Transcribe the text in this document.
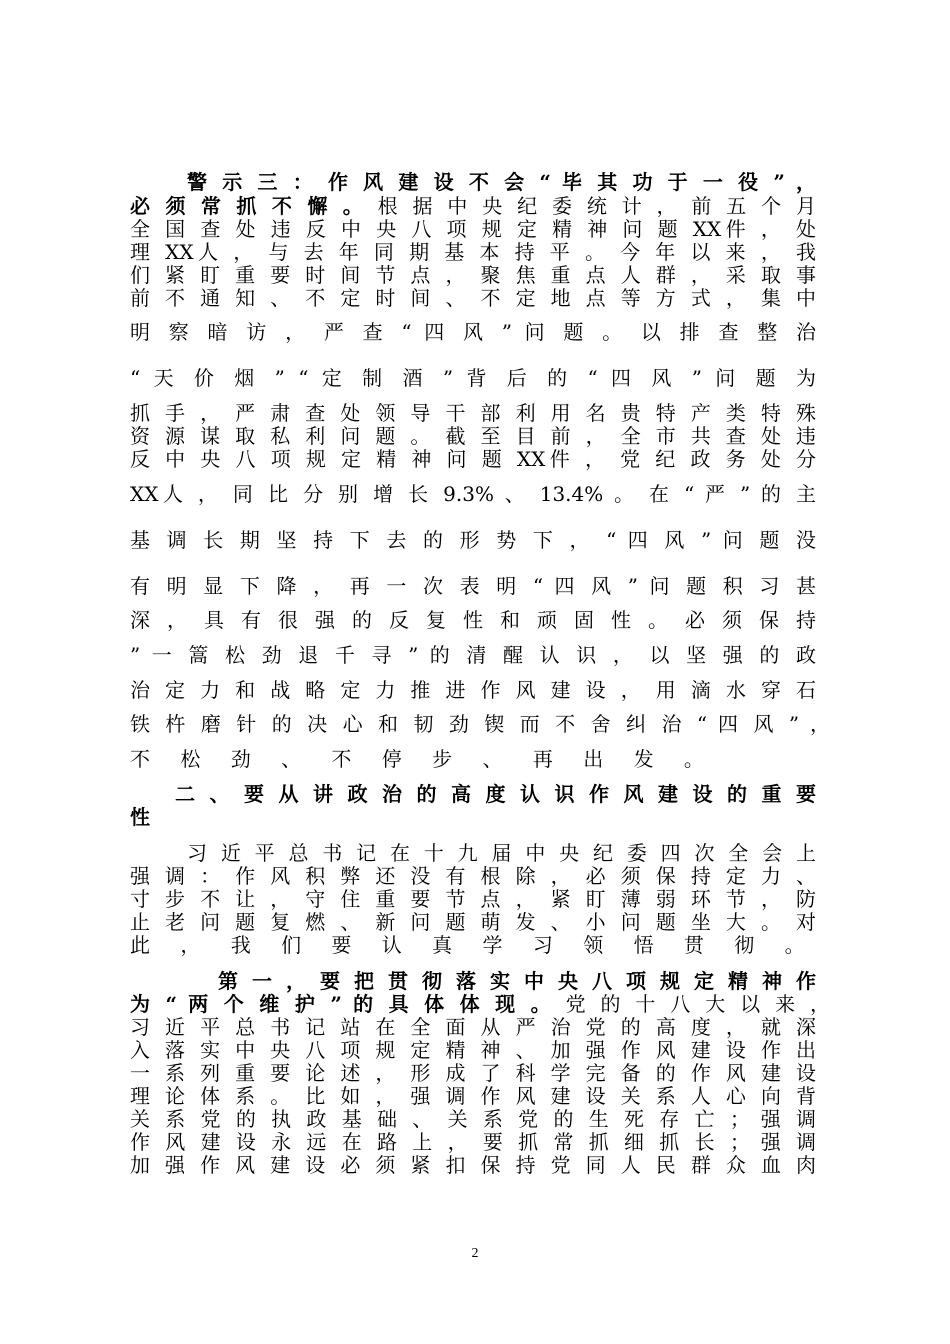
警 示 三 ： 作 风 建 设 不 会 “ 毕 其 功 于 一 役 ” ，
必 须 常 抓 不 懈 。 根 据 中 央 纪 委 统 计 ， 前 五 个 月
全 国 查 处 违 反 中 央 八 项 规 定 精 神 问 题 XX件 ， 处
理 XX人 ， 与 去 年 同 期 基 本 持 平 。 今 年 以 来 ， 我
们 紧 盯 重 要 时 间 节 点 ， 聚 焦 重 点 人 群 ， 采 取 事
前 不 通 知 、 不 定 时 间 、 不 定 地 点 等 方 式 ， 集 中
明 察 暗 访 ， 严 查 “ 四 风 ” 问 题 。 以 排 查 整 治
“ 天 价 烟 ” “ 定 制 酒 ” 背 后 的 “ 四 风 ” 问 题 为
抓 手 ， 严 肃 查 处 领 导 干 部 利 用 名 贵 特 产 类 特 殊
资 源 谋 取 私 利 问 题 。 截 至 目 前 ， 全 市 共 查 处 违
反 中 央 八 项 规 定 精 神 问 题 XX件 ， 党 纪 政 务 处 分
XX人 ， 同 比 分 别 增 长 9.3% 、 13.4% 。 在 “ 严 ” 的 主
基 调 长 期 坚 持 下 去 的 形 势 下 ， “ 四 风 ” 问 题 没
有 明 显 下 降 ， 再 一 次 表 明 “ 四 风 ” 问 题 积 习 甚
深 ， 具 有 很 强 的 反 复 性 和 顽 固 性 。 必 须 保 持
” 一 篙 松 劲 退 千 寻 ” 的 清 醒 认 识 ， 以 坚 强 的 政
治 定 力 和 战 略 定 力 推 进 作 风 建 设 ， 用 滴 水 穿 石
铁 杵 磨 针 的 决 心 和 韧 劲 锲 而 不 舍 纠 治 “ 四 风 ” ，
不 松 劲 、 不 停 步 、 再 出 发 。
二 、 要 从 讲 政 治 的 高 度 认 识 作 风 建 设 的 重 要
性
习 近 平 总 书 记 在 十 九 届 中 央 纪 委 四 次 全 会 上
强 调 ： 作 风 积 弊 还 没 有 根 除 ， 必 须 保 持 定 力 、
寸 步 不 让 ， 守 住 重 要 节 点 ， 紧 盯 薄 弱 环 节 ， 防
止 老 问 题 复 燃 、 新 问 题 萌 发 、 小 问 题 坐 大 。 对
此 ， 我 们 要 认 真 学 习 领 悟 贯 彻 。
第 一 ， 要 把 贯 彻 落 实 中 央 八 项 规 定 精 神 作
为 “ 两 个 维 护 ” 的 具 体 体 现 。 党 的 十 八 大 以 来 ，
习 近 平 总 书 记 站 在 全 面 从 严 治 党 的 高 度 ， 就 深
入 落 实 中 央 八 项 规 定 精 神 、 加 强 作 风 建 设 作 出
一 系 列 重 要 论 述 ， 形 成 了 科 学 完 备 的 作 风 建 设
理 论 体 系 。 比 如 ， 强 调 作 风 建 设 关 系 人 心 向 背
关 系 党 的 执 政 基 础 、 关 系 党 的 生 死 存 亡 ； 强 调
作 风 建 设 永 远 在 路 上 ， 要 抓 常 抓 细 抓 长 ； 强 调
加 强 作 风 建 设 必 须 紧 扣 保 持 党 同 人 民 群 众 血 肉
2
